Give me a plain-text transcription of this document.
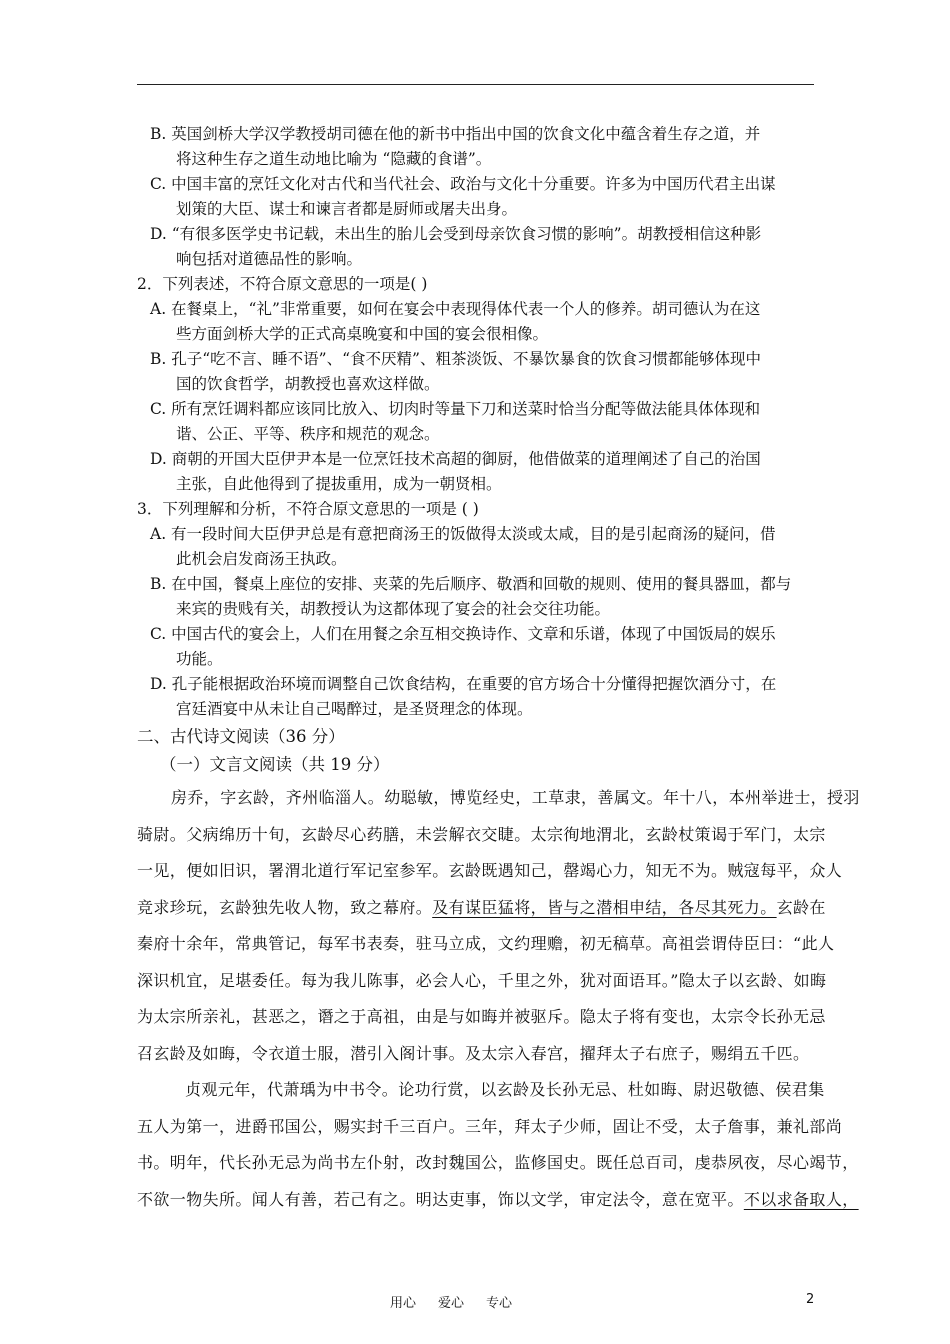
B. 英国剑桥大学汉学教授胡司德在他的新书中指出中国的饮食文化中蕴含着生存之道，并
将这种生存之道生动地比喻为 “隐藏的食谱”。
C. 中国丰富的烹饪文化对古代和当代社会、政治与文化十分重要。许多为中国历代君主出谋
划策的大臣、谋士和谏言者都是厨师或屠夫出身。
D. “有很多医学史书记载，未出生的胎儿会受到母亲饮食习惯的影响”。胡教授相信这种影
响包括对道德品性的影响。
2．下列表述，不符合原文意思的一项是( )
A. 在餐桌上，“礼”非常重要，如何在宴会中表现得体代表一个人的修养。胡司德认为在这
些方面剑桥大学的正式高桌晚宴和中国的宴会很相像。
B. 孔子“吃不言、睡不语”、“食不厌精”、粗茶淡饭、不暴饮暴食的饮食习惯都能够体现中
国的饮食哲学，胡教授也喜欢这样做。
C. 所有烹饪调料都应该同比放入、切肉时等量下刀和送菜时恰当分配等做法能具体体现和
谐、公正、平等、秩序和规范的观念。
D. 商朝的开国大臣伊尹本是一位烹饪技术高超的御厨，他借做菜的道理阐述了自己的治国
主张，自此他得到了提拔重用，成为一朝贤相。
3．下列理解和分析，不符合原文意思的一项是 ( )
A. 有一段时间大臣伊尹总是有意把商汤王的饭做得太淡或太咸，目的是引起商汤的疑问，借
此机会启发商汤王执政。
B. 在中国，餐桌上座位的安排、夹菜的先后顺序、敬酒和回敬的规则、使用的餐具器皿，都与
来宾的贵贱有关，胡教授认为这都体现了宴会的社会交往功能。
C. 中国古代的宴会上，人们在用餐之余互相交换诗作、文章和乐谱，体现了中国饭局的娱乐
功能。
D. 孔子能根据政治环境而调整自己饮食结构，在重要的官方场合十分懂得把握饮酒分寸，在
宫廷酒宴中从未让自己喝醉过，是圣贤理念的体现。
二、古代诗文阅读（36 分）
（一）文言文阅读（共 19 分）
房乔，字玄龄，齐州临淄人。幼聪敏，博览经史，工草隶，善属文。年十八，本州举进士，授羽
骑尉。父病绵历十旬，玄龄尽心药膳，未尝解衣交睫。太宗徇地渭北，玄龄杖策谒于军门，太宗
一见，便如旧识，署渭北道行军记室参军。玄龄既遇知己，罄竭心力，知无不为。贼寇每平，众人
竞求珍玩，玄龄独先收人物，致之幕府。及有谋臣猛将，皆与之潜相申结，各尽其死力。玄龄在
秦府十余年，常典管记，每军书表奏，驻马立成，文约理赡，初无稿草。高祖尝谓侍臣曰：“此人
深识机宜，足堪委任。每为我儿陈事，必会人心，千里之外，犹对面语耳。”隐太子以玄龄、如晦
为太宗所亲礼，甚恶之，谮之于高祖，由是与如晦并被驱斥。隐太子将有变也，太宗令长孙无忌
召玄龄及如晦，令衣道士服，潜引入阁计事。及太宗入春宫，擢拜太子右庶子，赐绢五千匹。
贞观元年，代萧瑀为中书令。论功行赏，以玄龄及长孙无忌、杜如晦、尉迟敬德、侯君集
五人为第一，进爵邗国公，赐实封千三百户。三年，拜太子少师，固让不受，太子詹事，兼礼部尚
书。明年，代长孙无忌为尚书左仆射，改封魏国公，监修国史。既任总百司，虔恭夙夜，尽心竭节，
不欲一物失所。闻人有善，若己有之。明达吏事，饰以文学，审定法令，意在宽平。不以求备取人，
用心 爱心 专心	2
